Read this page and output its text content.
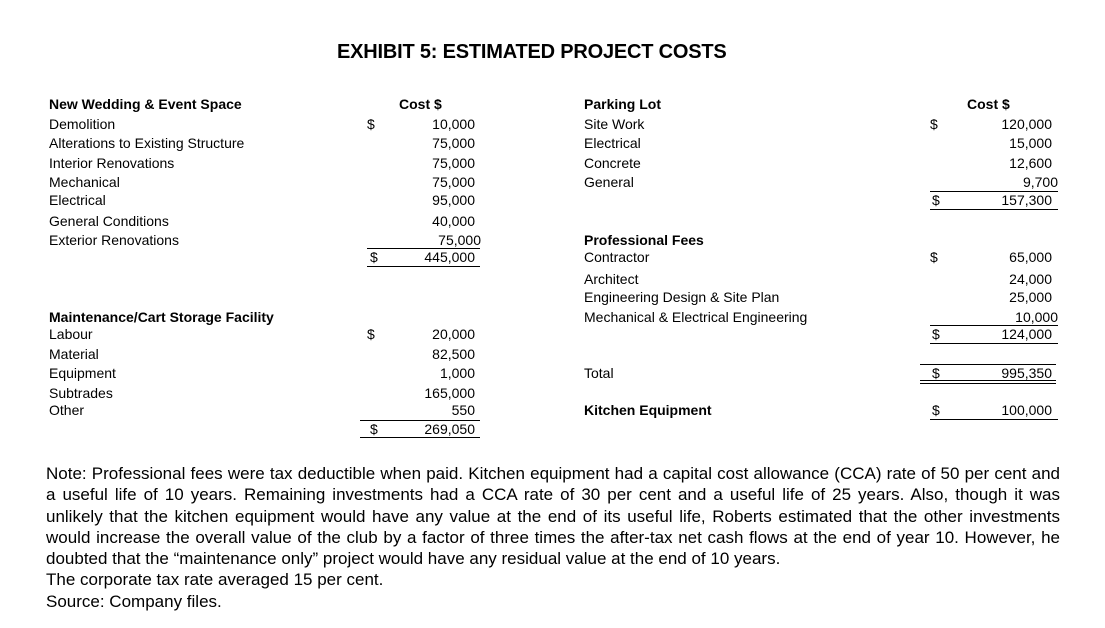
EXHIBIT 5: ESTIMATED PROJECT COSTS
New Wedding & Event Space	Cost $
Demolition	$	10,000
Alterations to Existing Structure	75,000
Interior Renovations	75,000
Mechanical	75,000
Electrical	95,000
General Conditions	40,000
Exterior Renovations	75,000
$	445,000
Maintenance/Cart Storage Facility
Labour	$	20,000
Material	82,500
Equipment	1,000
Subtrades	165,000
Other	550
$	269,050
Parking Lot	Cost $
Site Work	$	120,000
Electrical	15,000
Concrete	12,600
General	9,700
$	157,300
Professional Fees
Contractor	$	65,000
Architect	24,000
Engineering Design & Site Plan	25,000
Mechanical & Electrical Engineering	10,000
$	124,000
Total	$	995,350
Kitchen Equipment	$	100,000
Note: Professional fees were tax deductible when paid. Kitchen equipment had a capital cost allowance (CCA) rate of 50 per cent and a useful life of 10 years. Remaining investments had a CCA rate of 30 per cent and a useful life of 25 years. Also, though it was unlikely that the kitchen equipment would have any value at the end of its useful life, Roberts estimated that the other investments would increase the overall value of the club by a factor of three times the after-tax net cash flows at the end of year 10. However, he doubted that the “maintenance only” project would have any residual value at the end of 10 years.
The corporate tax rate averaged 15 per cent.
Source: Company files.
